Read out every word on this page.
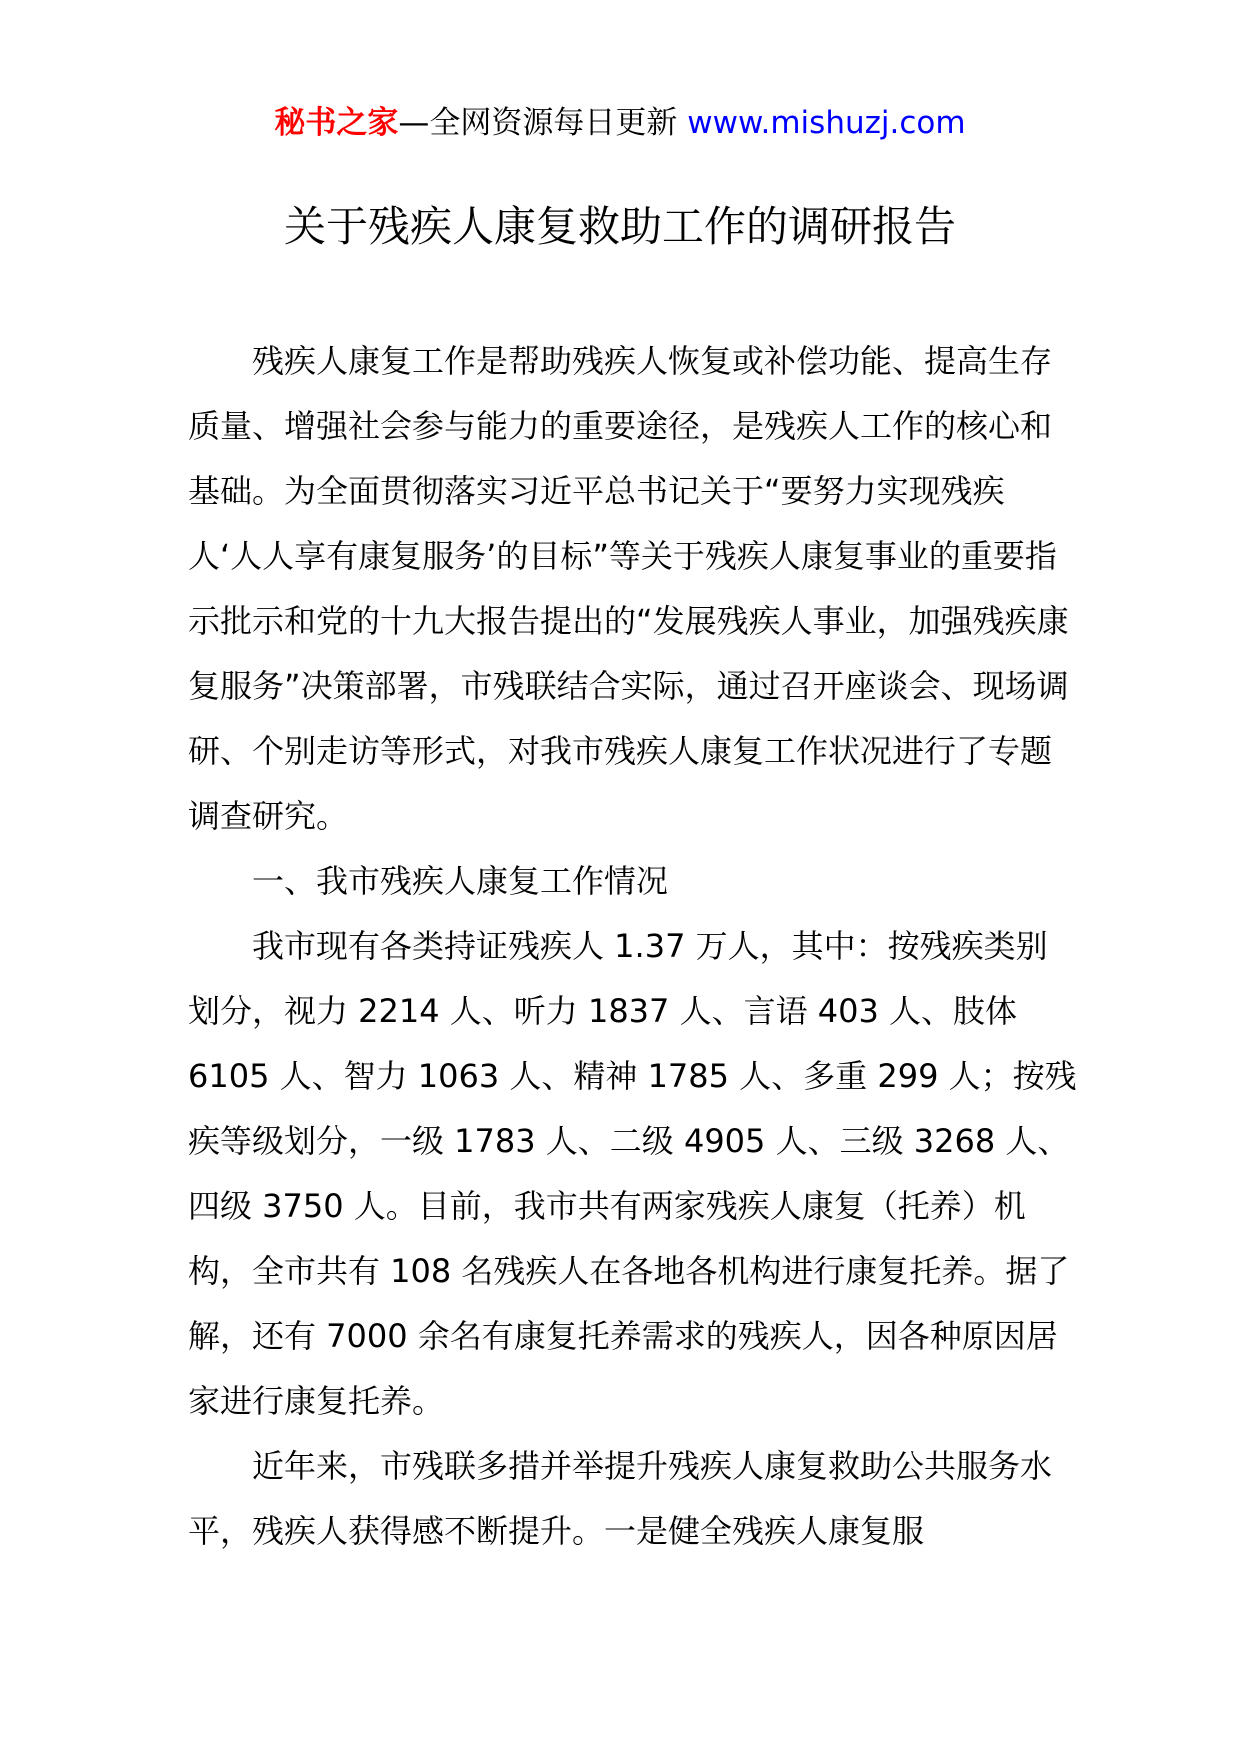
秘书之家—全网资源每日更新 www.mishuzj.com
关于残疾人康复救助工作的调研报告

残疾人康复工作是帮助残疾人恢复或补偿功能、提高生存质量、增强社会参与能力的重要途径，是残疾人工作的核心和基础。为全面贯彻落实习近平总书记关于“要努力实现残疾人‘人人享有康复服务’的目标”等关于残疾人康复事业的重要指示批示和党的十九大报告提出的“发展残疾人事业，加强残疾康复服务”决策部署，市残联结合实际，通过召开座谈会、现场调研、个别走访等形式，对我市残疾人康复工作状况进行了专题调查研究。

一、我市残疾人康复工作情况

我市现有各类持证残疾人 1.37 万人，其中：按残疾类别划分，视力 2214 人、听力 1837 人、言语 403 人、肢体 6105 人、智力 1063 人、精神 1785 人、多重 299 人；按残疾等级划分，一级 1783 人、二级 4905 人、三级 3268 人、四级 3750 人。目前，我市共有两家残疾人康复（托养）机构，全市共有 108 名残疾人在各地各机构进行康复托养。据了解，还有 7000 余名有康复托养需求的残疾人，因各种原因居家进行康复托养。

近年来，市残联多措并举提升残疾人康复救助公共服务水平，残疾人获得感不断提升。一是健全残疾人康复服
